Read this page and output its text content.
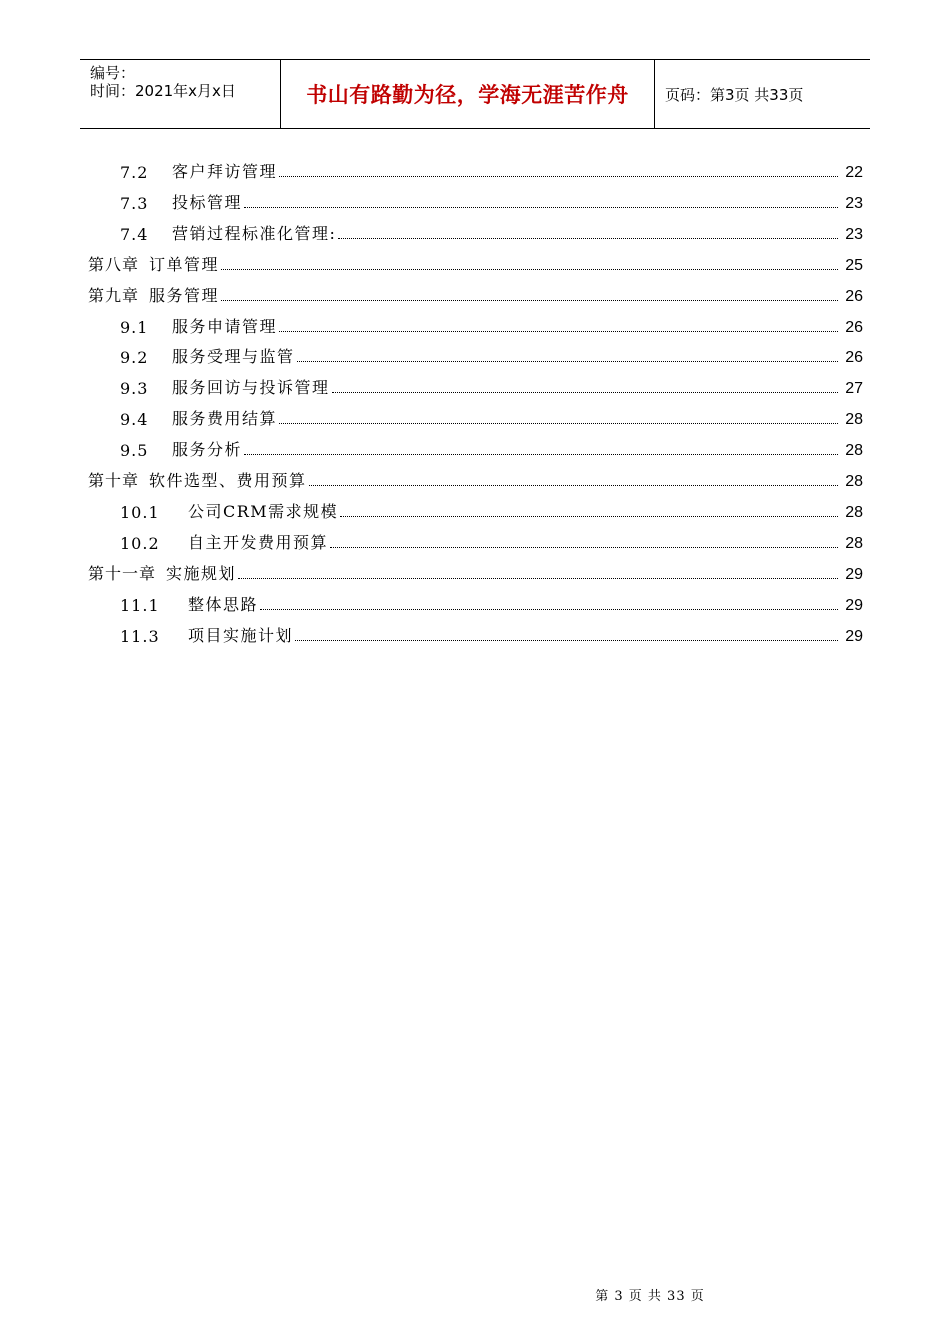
编号：
时间：2021年x月x日	书山有路勤为径，学海无涯苦作舟	页码：第3页 共33页
7.2	客户拜访管理	22
7.3	投标管理	23
7.4	营销过程标准化管理:	23
第八章 订单管理	25
第九章 服务管理	26
9.1	服务申请管理	26
9.2	服务受理与监管	26
9.3	服务回访与投诉管理	27
9.4	服务费用结算	28
9.5	服务分析	28
第十章 软件选型、费用预算	28
10.1	公司CRM需求规模	28
10.2	自主开发费用预算	28
第十一章 实施规划	29
11.1	整体思路	29
11.3	项目实施计划	29
第 3 页 共 33 页
